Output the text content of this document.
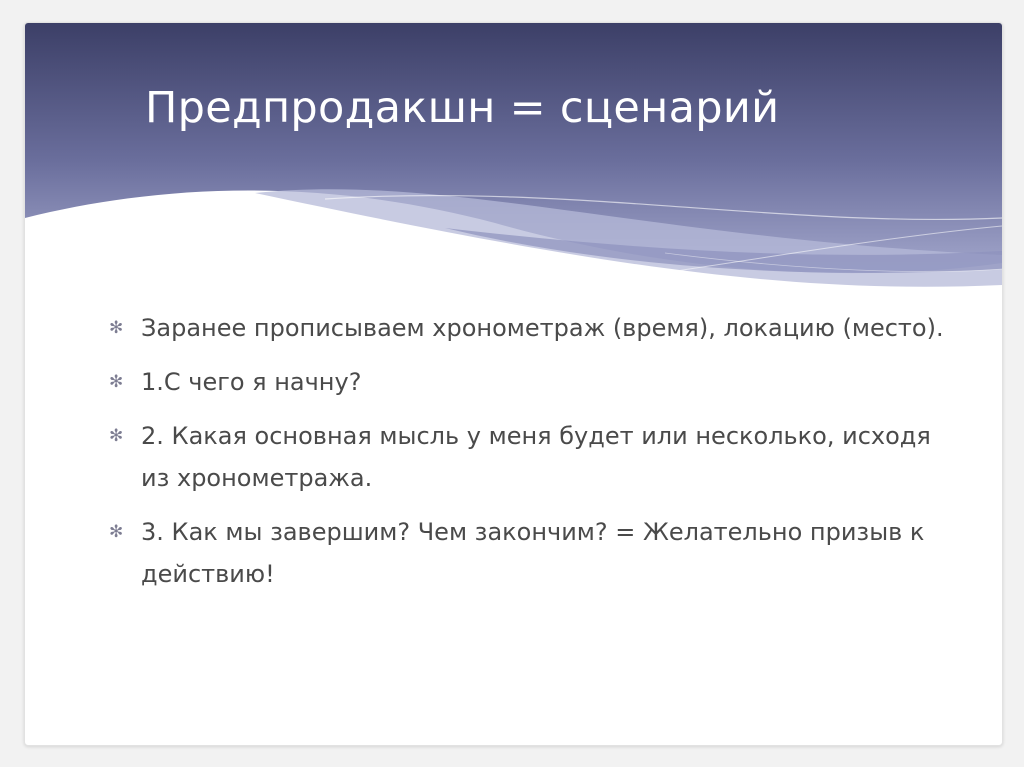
Предпродакшн = сценарий
✻ Заранее прописываем хронометраж (время), локацию (место).
✻ 1.С чего я начну?
✻ 2. Какая основная мысль у меня будет или несколько, исходя из хронометража.
✻ 3. Как мы завершим? Чем закончим? = Желательно призыв к действию!
